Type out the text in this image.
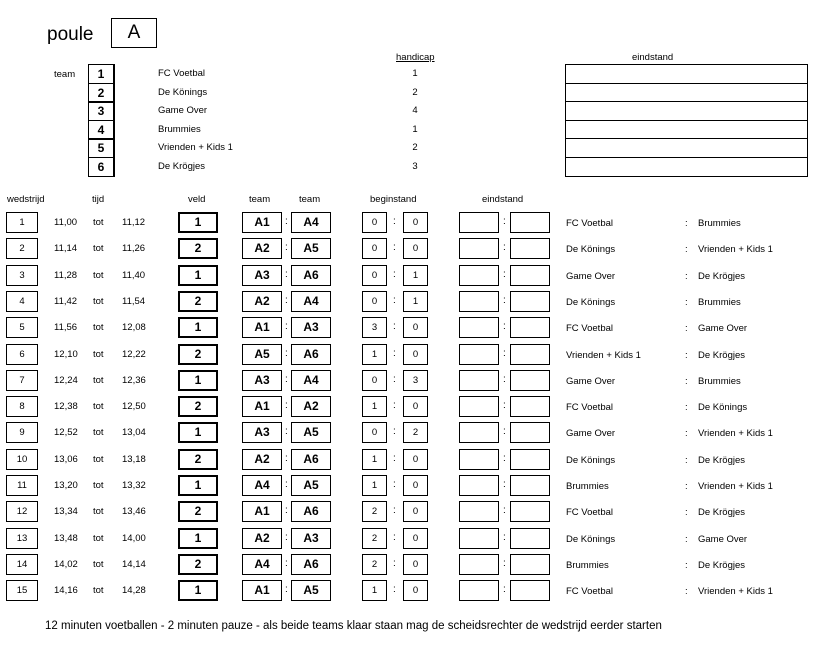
poule	A
handicap	eindstand
team	1	FC Voetbal	1
2	De Könings	2
3	Game Over	4
4	Brummies	1
5	Vrienden + Kids 1	2
6	De Krögjes	3
wedstrijd	tijd	veld	team	team	beginstand	eindstand
1	11,00 tot 11,12	1	A1	:	A4	0	:	0	:	FC Voetbal	: Brummies
2	11,14 tot 11,26	2	A2	:	A5	0	:	0	:	De Könings	: Vrienden + Kids 1
3	11,28 tot 11,40	1	A3	:	A6	0	:	1	:	Game Over	: De Krögjes
4	11,42 tot 11,54	2	A2	:	A4	0	:	1	:	De Könings	: Brummies
5	11,56 tot 12,08	1	A1	:	A3	3	:	0	:	FC Voetbal	: Game Over
6	12,10 tot 12,22	2	A5	:	A6	1	:	0	:	Vrienden + Kids 1	: De Krögjes
7	12,24 tot 12,36	1	A3	:	A4	0	:	3	:	Game Over	: Brummies
8	12,38 tot 12,50	2	A1	:	A2	1	:	0	:	FC Voetbal	: De Könings
9	12,52 tot 13,04	1	A3	:	A5	0	:	2	:	Game Over	: Vrienden + Kids 1
10	13,06 tot 13,18	2	A2	:	A6	1	:	0	:	De Könings	: De Krögjes
11	13,20 tot 13,32	1	A4	:	A5	1	:	0	:	Brummies	: Vrienden + Kids 1
12	13,34 tot 13,46	2	A1	:	A6	2	:	0	:	FC Voetbal	: De Krögjes
13	13,48 tot 14,00	1	A2	:	A3	2	:	0	:	De Könings	: Game Over
14	14,02 tot 14,14	2	A4	:	A6	2	:	0	:	Brummies	: De Krögjes
15	14,16 tot 14,28	1	A1	:	A5	1	:	0	:	FC Voetbal	: Vrienden + Kids 1
12 minuten voetballen - 2 minuten pauze - als beide teams klaar staan mag de scheidsrechter de wedstrijd eerder starten
